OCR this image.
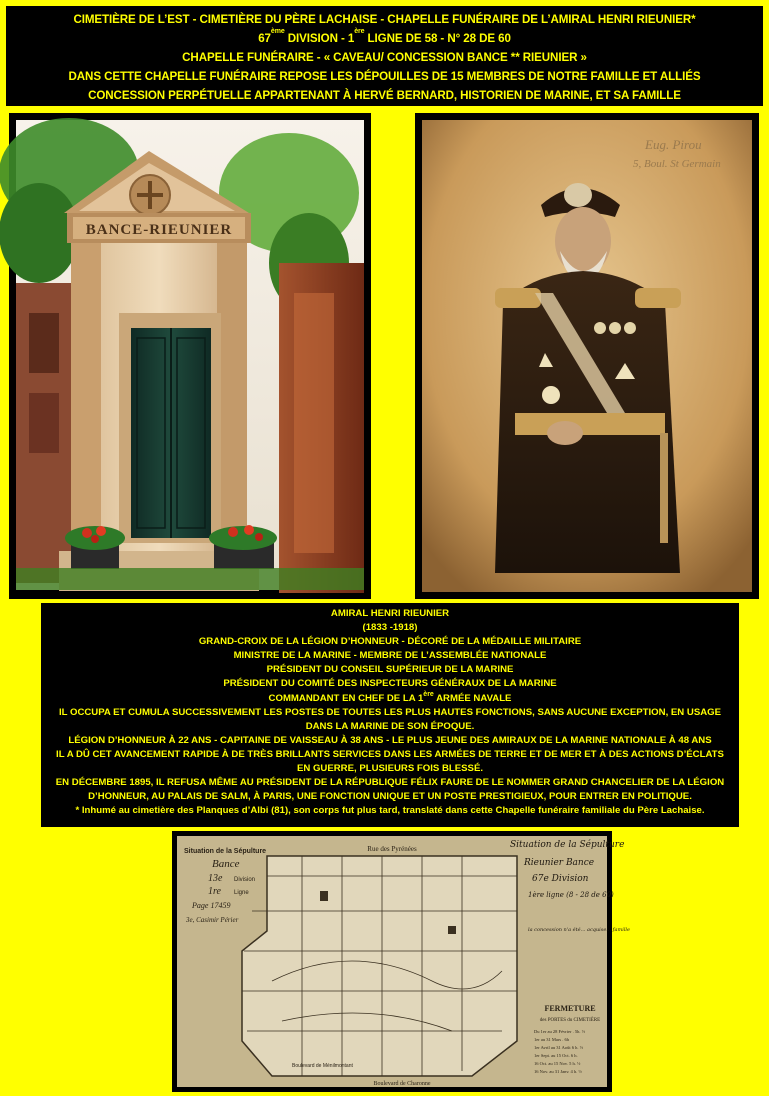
CIMETIÈRE DE L’EST - CIMETIÈRE DU PÈRE LACHAISE - CHAPELLE FUNÉRAIRE DE L’AMIRAL HENRI RIEUNIER*
67ème DIVISION - 1ère LIGNE DE 58 - N° 28 DE 60
CHAPELLE FUNÉRAIRE - « CAVEAU/ CONCESSION BANCE ** RIEUNIER »
DANS CETTE CHAPELLE FUNÉRAIRE REPOSE LES DÉPOUILLES DE 15 MEMBRES DE NOTRE FAMILLE ET ALLIÉS
CONCESSION PERPÉTUELLE APPARTENANT À HERVÉ BERNARD, HISTORIEN DE MARINE, ET SA FAMILLE
BANCE-RIEUNIER
Eug. Pirou
5, Boul. St Germain
AMIRAL HENRI RIEUNIER
(1833 -1918)
GRAND-CROIX DE LA LÉGION D’HONNEUR - DÉCORÉ DE LA MÉDAILLE MILITAIRE
MINISTRE DE LA MARINE - MEMBRE DE L’ASSEMBLÉE NATIONALE
PRÉSIDENT DU CONSEIL SUPÉRIEUR DE LA MARINE
PRÉSIDENT DU COMITÉ DES INSPECTEURS GÉNÉRAUX DE LA MARINE
COMMANDANT EN CHEF DE LA 1ère ARMÉE NAVALE
IL OCCUPA ET CUMULA SUCCESSIVEMENT LES POSTES DE TOUTES LES PLUS HAUTES FONCTIONS, SANS AUCUNE EXCEPTION, EN USAGE
DANS LA MARINE DE SON ÉPOQUE.
LÉGION D’HONNEUR À 22 ANS - CAPITAINE DE VAISSEAU À 38 ANS - LE PLUS JEUNE DES AMIRAUX DE LA MARINE NATIONALE À 48 ANS
IL A DÛ CET AVANCEMENT RAPIDE À DE TRÈS BRILLANTS SERVICES DANS LES ARMÉES DE TERRE ET DE MER ET À DES ACTIONS D’ÉCLATS
EN GUERRE, PLUSIEURS FOIS BLESSÉ.
EN DÉCEMBRE 1895, IL REFUSA MÊME AU PRÉSIDENT DE LA RÉPUBLIQUE FÉLIX FAURE DE LE NOMMER GRAND CHANCELIER DE LA LÉGION
D’HONNEUR, AU PALAIS DE SALM, À PARIS, UNE FONCTION UNIQUE ET UN POSTE PRESTIGIEUX, POUR ENTRER EN POLITIQUE.
* Inhumé au cimetière des Planques d’Albi (81), son corps fut plus tard, translaté dans cette Chapelle funéraire familiale du Père Lachaise.
Situation de la Sépulture
Bance
13e Division
1re Ligne
Page 17459
3e, Casimir Périer
Rue des Pyrénées
Boulevard de Charonne
Boulevard de Ménilmontant
Situation de la Sépulture
Rieunier Bance
67e Division
1ère ligne (8 - 28 de 60)
la concession n'a été... acquise... famille
FERMETURE
des PORTES du CIMETIÈRE
Du 1er au 28 Février . 5h. ½
1er au 31 Mars . 6h
1er Avril au 31 Août 6 h. ½
1er Sept. au 15 Oct. 6 h.
16 Oct. au 15 Nov. 5 h. ½
16 Nov. au 31 Janv. 4 h. ½
